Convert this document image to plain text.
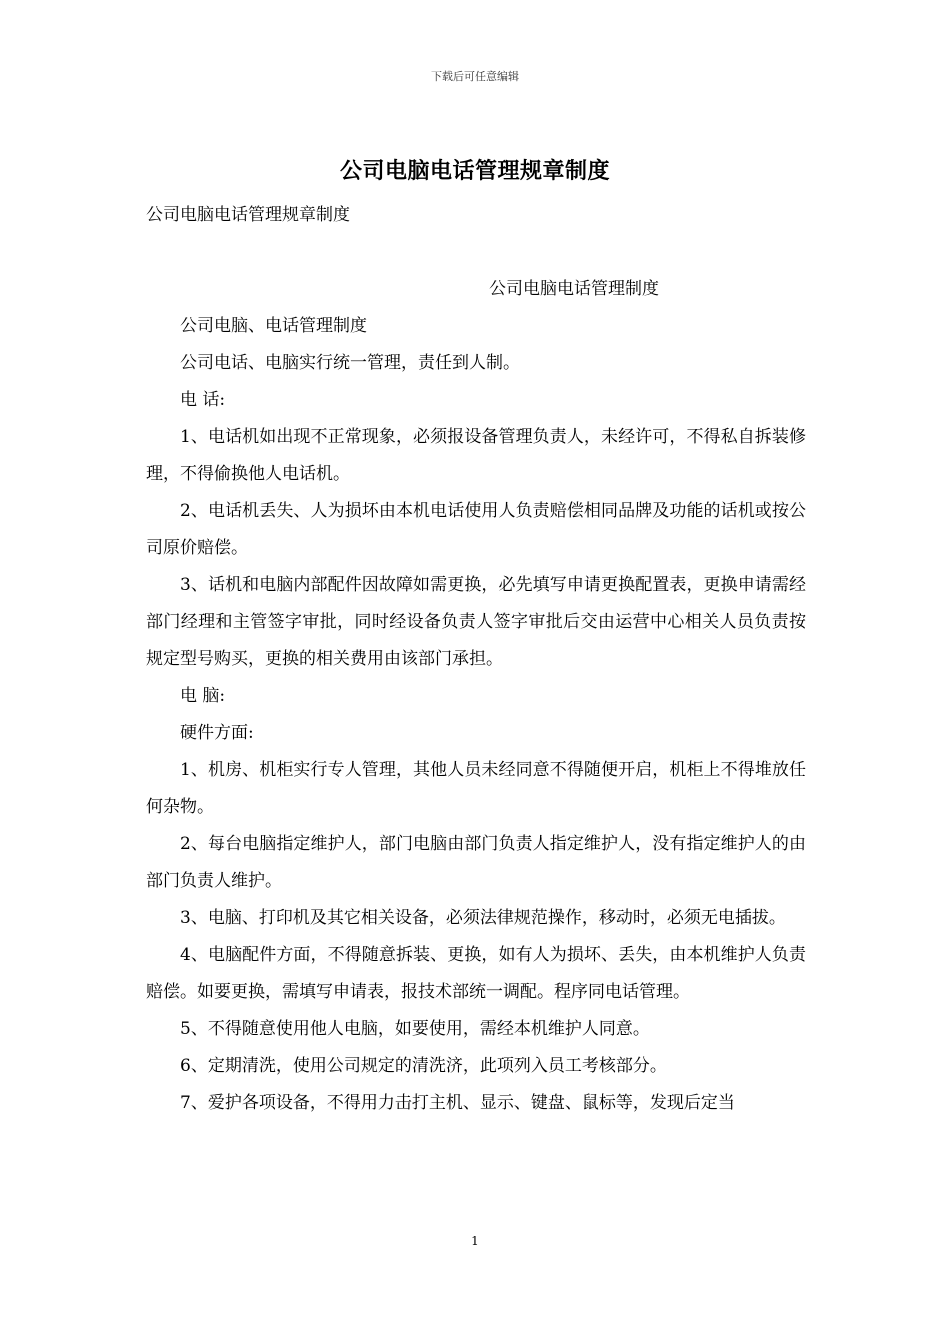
下载后可任意编辑
公司电脑电话管理规章制度

公司电脑电话管理规章制度

公司电脑电话管理制度

公司电脑、电话管理制度

公司电话、电脑实行统一管理，责任到人制。

电 话:

1、电话机如出现不正常现象，必须报设备管理负责人，未经许可，不得私自拆装修理，不得偷换他人电话机。

2、电话机丢失、人为损坏由本机电话使用人负责赔偿相同品牌及功能的话机或按公司原价赔偿。

3、话机和电脑内部配件因故障如需更换，必先填写申请更换配置表，更换申请需经部门经理和主管签字审批，同时经设备负责人签字审批后交由运营中心相关人员负责按规定型号购买，更换的相关费用由该部门承担。

电 脑:

硬件方面:

1、机房、机柜实行专人管理，其他人员未经同意不得随便开启，机柜上不得堆放任何杂物。

2、每台电脑指定维护人，部门电脑由部门负责人指定维护人，没有指定维护人的由部门负责人维护。

3、电脑、打印机及其它相关设备，必须法律规范操作，移动时，必须无电插拔。

4、电脑配件方面，不得随意拆装、更换，如有人为损坏、丢失，由本机维护人负责赔偿。如要更换，需填写申请表，报技术部统一调配。程序同电话管理。

5、不得随意使用他人电脑，如要使用，需经本机维护人同意。

6、定期清洗，使用公司规定的清洗济，此项列入员工考核部分。

7、爱护各项设备，不得用力击打主机、显示、键盘、鼠标等，发现后定当

1
